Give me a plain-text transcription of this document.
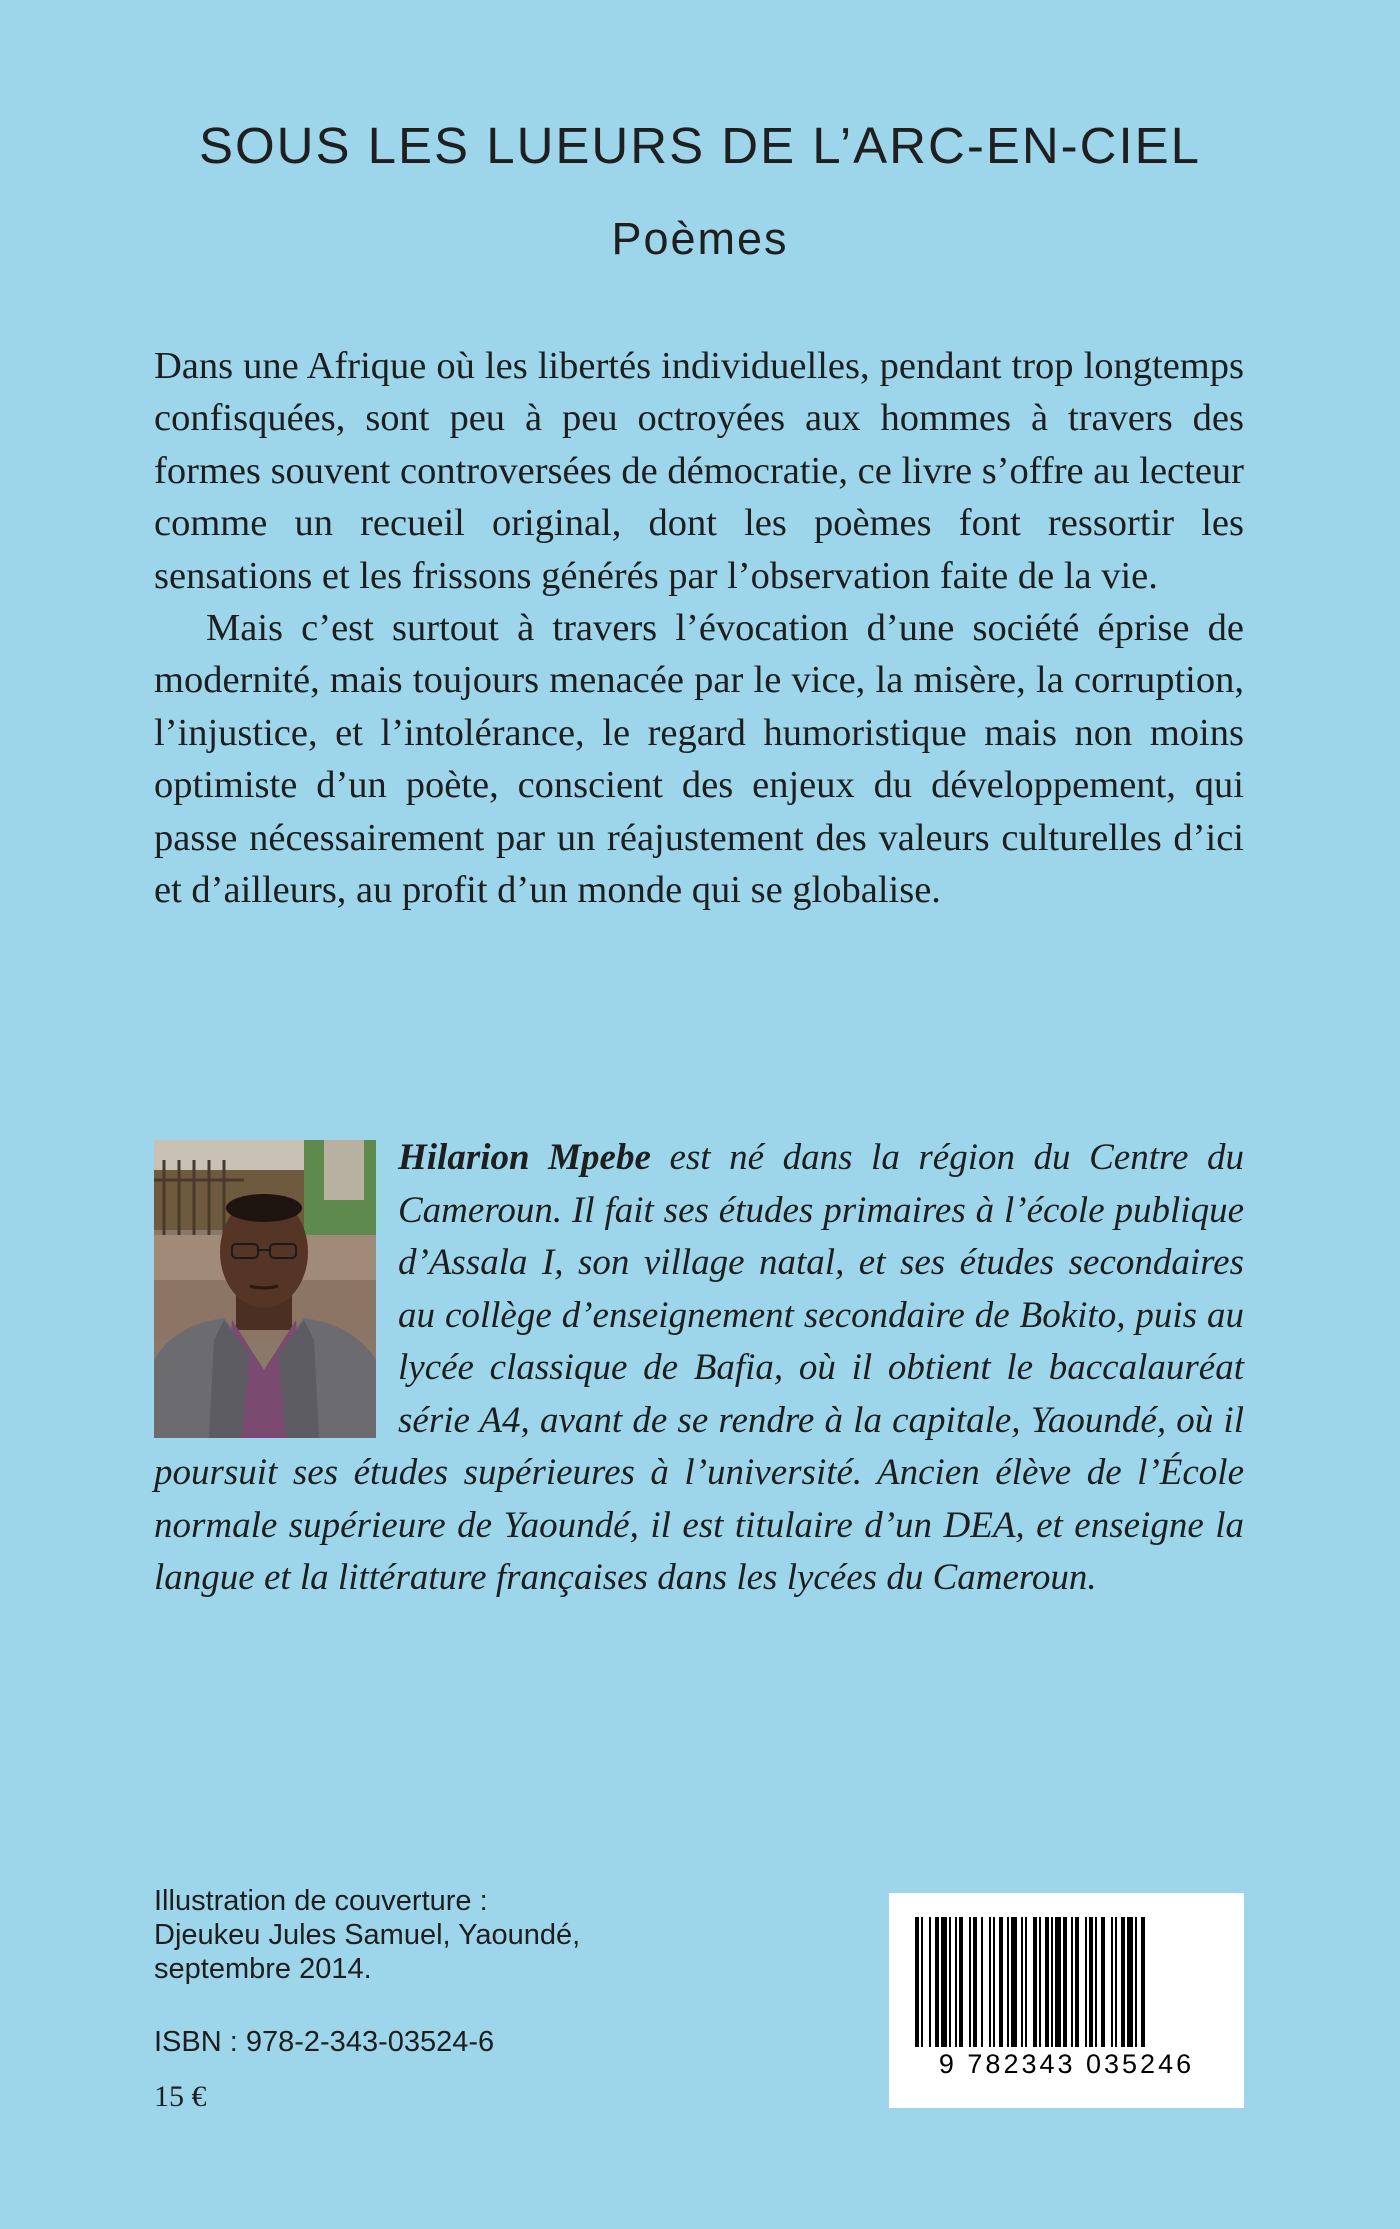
SOUS LES LUEURS DE L’ARC-EN-CIEL
Poèmes

Dans une Afrique où les libertés individuelles, pendant trop longtemps confisquées, sont peu à peu octroyées aux hommes à travers des formes souvent controversées de démocratie, ce livre s’offre au lecteur comme un recueil original, dont les poèmes font ressortir les sensations et les frissons générés par l’observation faite de la vie.

Mais c’est surtout à travers l’évocation d’une société éprise de modernité, mais toujours menacée par le vice, la misère, la corruption, l’injustice, et l’intolérance, le regard humoristique mais non moins optimiste d’un poète, conscient des enjeux du développement, qui passe nécessairement par un réajustement des valeurs culturelles d’ici et d’ailleurs, au profit d’un monde qui se globalise.

Hilarion Mpebe est né dans la région du Centre du Cameroun. Il fait ses études primaires à l’école publique d’Assala I, son village natal, et ses études secondaires au collège d’enseignement secondaire de Bokito, puis au lycée classique de Bafia, où il obtient le baccalauréat série A4, avant de se rendre à la capitale, Yaoundé, où il poursuit ses études supérieures à l’université. Ancien élève de l’École normale supérieure de Yaoundé, il est titulaire d’un DEA, et enseigne la langue et la littérature françaises dans les lycées du Cameroun.
Illustration de couverture :
Djeukeu Jules Samuel, Yaoundé,
septembre 2014.
ISBN : 978-2-343-03524-6
15 €
9 782343 035246
